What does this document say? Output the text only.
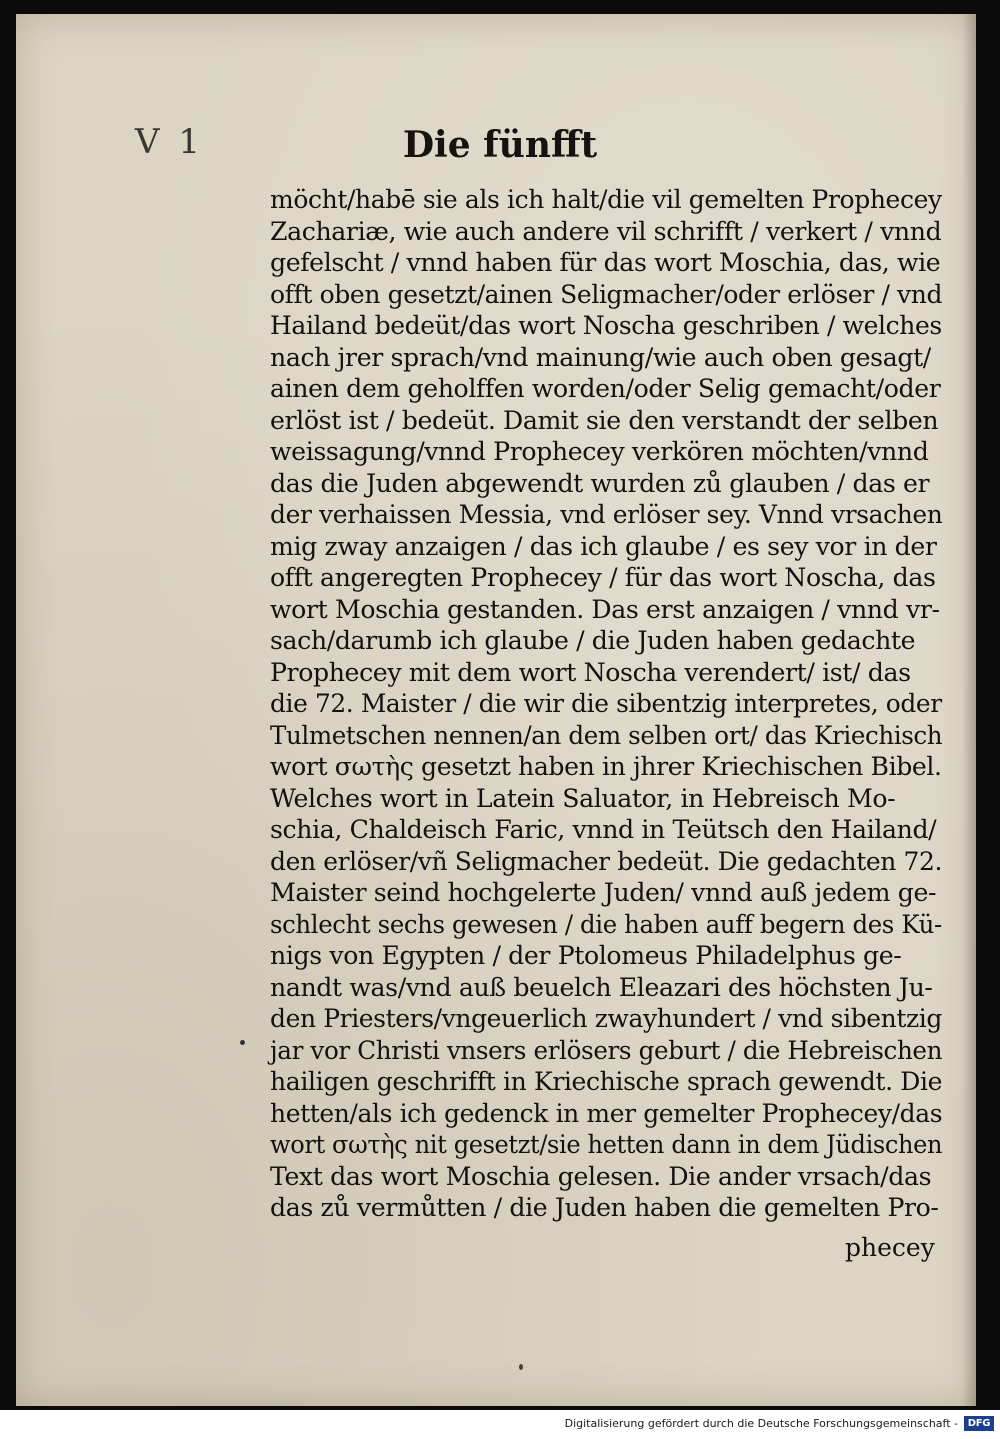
V 1	Die fünfft
möcht/habē sie als ich halt/die vil gemelten Prophecey
Zachariæ, wie auch andere vil schrifft / verkert / vnnd
gefelscht / vnnd haben für das wort Moschia, das, wie
offt oben gesetzt/ainen Seligmacher/oder erlöser / vnd
Hailand bedeüt/das wort Noscha geschriben / welches
nach jrer sprach/vnd mainung/wie auch oben gesagt/
ainen dem geholffen worden/oder Selig gemacht/oder
erlöst ist / bedeüt. Damit sie den verstandt der selben
weissagung/vnnd Prophecey verkören möchten/vnnd
das die Juden abgewendt wurden zů glauben / das er
der verhaissen Messia, vnd erlöser sey. Vnnd vrsachen
mig zway anzaigen / das ich glaube / es sey vor in der
offt angeregten Prophecey / für das wort Noscha, das
wort Moschia gestanden. Das erst anzaigen / vnnd vr-
sach/darumb ich glaube / die Juden haben gedachte
Prophecey mit dem wort Noscha verendert/ ist/ das
die 72. Maister / die wir die sibentzig interpretes, oder
Tulmetschen nennen/an dem selben ort/ das Kriechisch
wort σωτὴς gesetzt haben in jhrer Kriechischen Bibel.
Welches wort in Latein Saluator, in Hebreisch Mo-
schia, Chaldeisch Faric, vnnd in Teütsch den Hailand/
den erlöser/vñ Seligmacher bedeüt. Die gedachten 72.
Maister seind hochgelerte Juden/ vnnd auß jedem ge-
schlecht sechs gewesen / die haben auff begern des Kü-
nigs von Egypten / der Ptolomeus Philadelphus ge-
nandt was/vnd auß beuelch Eleazari des höchsten Ju-
den Priesters/vngeuerlich zwayhundert / vnd sibentzig
jar vor Christi vnsers erlösers geburt / die Hebreischen
hailigen geschrifft in Kriechische sprach gewendt. Die
hetten/als ich gedenck in mer gemelter Prophecey/das
wort σωτὴς nit gesetzt/sie hetten dann in dem Jüdischen
Text das wort Moschia gelesen. Die ander vrsach/das
das zů vermůtten / die Juden haben die gemelten Pro-
phecey
Digitalisierung gefördert durch die Deutsche Forschungsgemeinschaft - DFG
